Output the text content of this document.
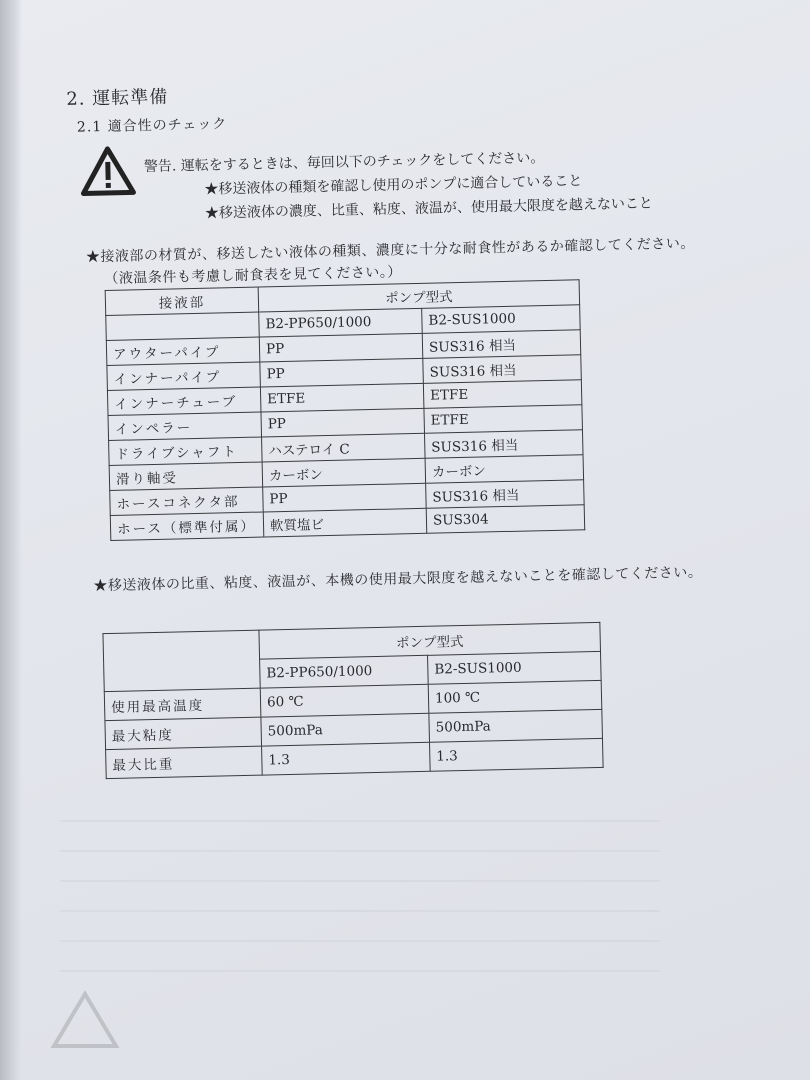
2. 運転準備
2.1 適合性のチェック
警告. 運転をするときは、毎回以下のチェックをしてください。
★移送液体の種類を確認し使用のポンプに適合していること
★移送液体の濃度、比重、粘度、液温が、使用最大限度を越えないこと
★接液部の材質が、移送したい液体の種類、濃度に十分な耐食性があるか確認してください。
（液温条件も考慮し耐食表を見てください。）
接液部	ポンプ型式	
	B2-PP650/1000	B2-SUS1000
アウターパイプ	PP	SUS316 相当
インナーパイプ	PP	SUS316 相当
インナーチューブ	ETFE	ETFE
インペラー	PP	ETFE
ドライブシャフト	ハステロイ C	SUS316 相当
滑り軸受	カーボン	カーボン
ホースコネクタ部	PP	SUS316 相当
ホース（標準付属）	軟質塩ビ	SUS304
★移送液体の比重、粘度、液温が、本機の使用最大限度を越えないことを確認してください。
	ポンプ型式	
	B2-PP650/1000	B2-SUS1000
使用最高温度	60 ℃	100 ℃
最大粘度	500mPa	500mPa
最大比重	1.3	1.3
